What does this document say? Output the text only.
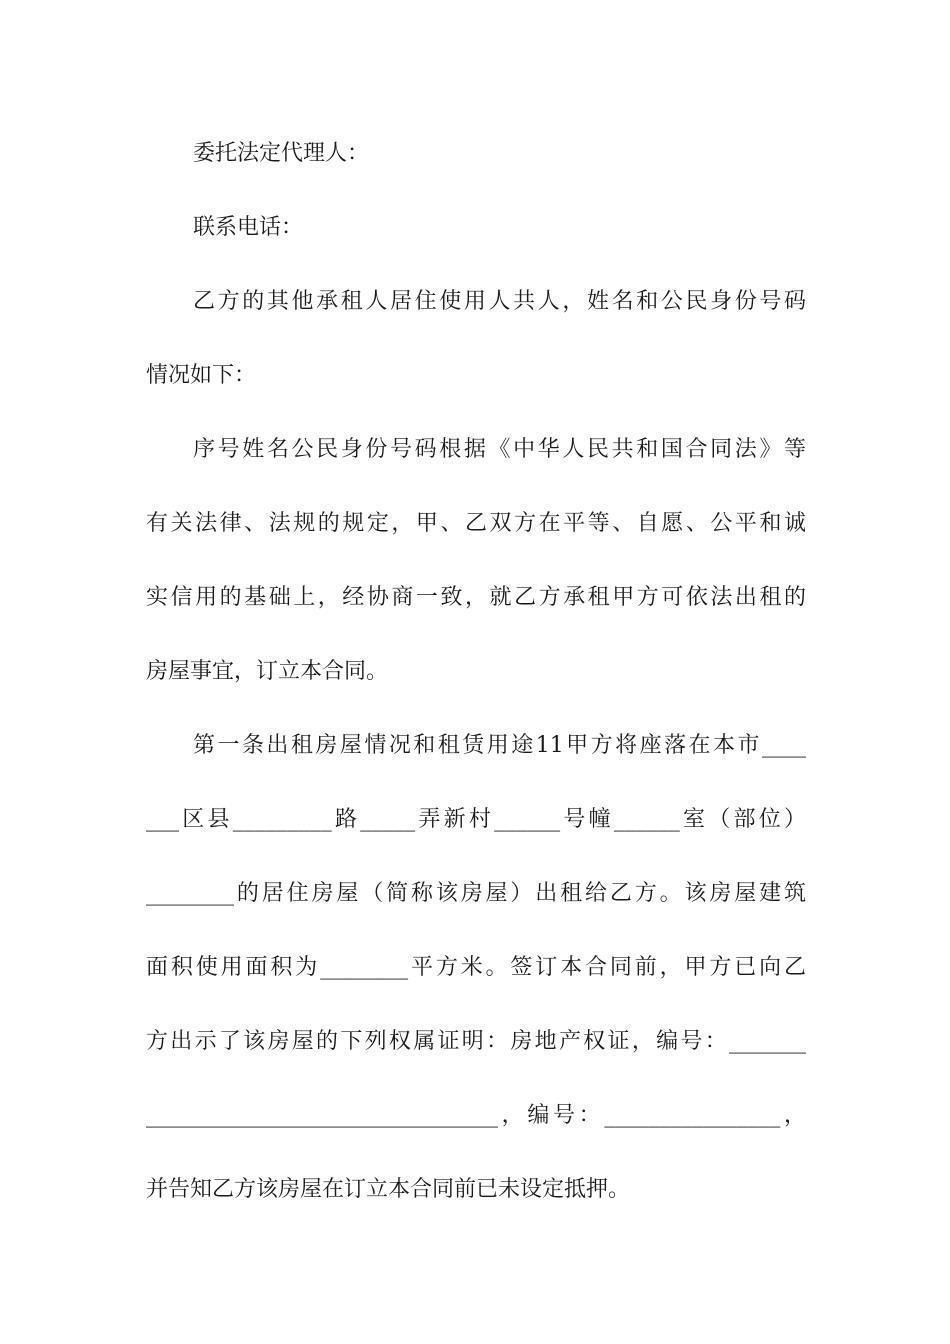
委托法定代理人：
联系电话：
乙方的其他承租人居住使用人共人，姓名和公民身份号码
情况如下：
序号姓名公民身份号码根据《中华人民共和国合同法》等
有关法律、法规的规定，甲、乙双方在平等、自愿、公平和诚
实信用的基础上，经协商一致，就乙方承租甲方可依法出租的
房屋事宜，订立本合同。
第一条出租房屋情况和租赁用途11甲方将座落在本市____
___区县_________路_____弄新村______号幢______室（部位）
________的居住房屋（简称该房屋）出租给乙方。该房屋建筑
面积使用面积为________平方米。签订本合同前，甲方已向乙
方出示了该房屋的下列权属证明：房地产权证，编号：_______
________________________________，编号：________________，
并告知乙方该房屋在订立本合同前已未设定抵押。
